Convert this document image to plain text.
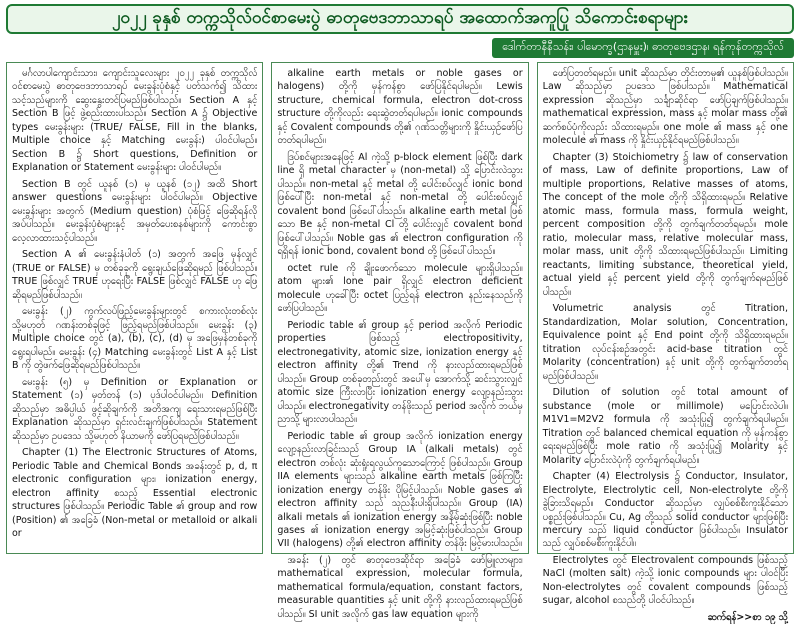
၂၀၂၂ ခုနှစ် တက္ကသိုလ်ဝင်စာမေးပွဲ ဓာတုဗေဒဘာသာရပ် အထောက်အကူပြု သိကောင်းစရာများ
ဒေါက်တာနီနီသန်း၊ ပါမောက္ခ(ဌာနမှူး)၊ ဓာတုဗေဒဌာန၊ ရန်ကုန်တက္ကသိုလ်

မင်္ဂလာပါကျောင်းသား၊ ကျောင်းသူလေးများ ၂၀၂၂ ခုနှစ် တက္ကသိုလ်ဝင်စာမေးပွဲ ဓာတုဗေဒဘာသာရပ် မေးခွန်းပုံစံနှင့် ပတ်သက်၍ သိထားသင့်သည်များကို ဆွေးနွေးတင်ပြမည်ဖြစ်ပါသည်။ Section A နှင့် Section B ဖြင့် ဖွဲ့စည်းထားပါသည်။ Section A ၌ Objective types မေးခွန်းများ (TRUE/ FALSE, Fill in the blanks, Multiple choice နှင့် Matching မေးခွန်း) ပါဝင်ပါမည်။ Section B ၌ Short questions, Definition or Explanation or Statement မေးခွန်းများ ပါဝင်ပါမည်။

Section B တွင် ယူနစ် (၁) မှ ယူနစ် (၁၂) အထိ Short answer questions မေးခွန်းများ ပါဝင်ပါမည်။ Objective မေးခွန်းများ အတွက် (Medium question) ပုံစံဖြင့် ဖြေဆိုရန်လိုအပ်ပါသည်။ မေးခွန်းပုံစံများနှင့် အမှတ်ပေးစနစ်များကို ကောင်းစွာ လေ့လာထားသင့်ပါသည်။

Section A ၏ မေးခွန်းနံပါတ် (၁) အတွက် အဖြေ မှန်လျှင် (TRUE or FALSE) မှ တစ်ခုခုကို ရွေးချယ်ဖြေဆိုရမည် ဖြစ်ပါသည်။ TRUE ဖြစ်လျှင် TRUE ဟုရေးပြီး FALSE ဖြစ်လျှင် FALSE ဟု ဖြေဆိုရမည်ဖြစ်ပါသည်။

မေးခွန်း (၂) ကွက်လပ်ဖြည့်မေးခွန်းများတွင် စကားလုံးတစ်လုံး သို့မဟုတ် ဂဏန်းတစ်ခုဖြင့် ဖြည့်ရမည်ဖြစ်ပါသည်။ မေးခွန်း (၃) Multiple choice တွင် (a), (b), (c), (d) မှ အဖြေမှန်တစ်ခုကို ရွေးရပါမည်။ မေးခွန်း (၄) Matching မေးခွန်းတွင် List A နှင့် List B ကို တွဲဖက်ဖြေဆိုရမည်ဖြစ်ပါသည်။

မေးခွန်း (၅) မှ Definition or Explanation or Statement (၁) မှတ်တန် (၁) ပုဒ်ပါဝင်ပါမည်။ Definition ဆိုသည်မှာ အဓိပ္ပါယ် ဖွင့်ဆိုချက်ကို အတိအကျ ရေးသားရမည်ဖြစ်ပြီး Explanation ဆိုသည်မှာ ရှင်းလင်းချက်ဖြစ်ပါသည်။ Statement ဆိုသည်မှာ ဥပဒေသ သို့မဟုတ် နိယာမကို ဖော်ပြရမည်ဖြစ်ပါသည်။

Chapter (1) The Electronic Structures of Atoms, Periodic Table and Chemical Bonds အခန်းတွင် p, d, π electronic configuration များ၊ ionization energy, electron affinity စသည့် Essential electronic structures ဖြစ်ပါသည်။ Periodic Table ၏ group and row (Position) ၏ အခြေခံ (Non-metal or metalloid or alkali or

alkaline earth metals or noble gases or halogens) တို့ကို မှန်ကန်စွာ ဖော်ပြနိုင်ရပါမည်။ Lewis structure, chemical formula, electron dot-cross structure တို့ကိုလည်း ရေးဆွဲတတ်ရပါမည်။ ionic compounds နှင့် Covalent compounds တို့၏ ဂုဏ်သတ္တိများကို နှိုင်းယှဉ်ဖော်ပြ တတ်ရပါမည်။

ဒြပ်စင်များအနေဖြင့် Al ကဲ့သို့ p-block element ဖြစ်ပြီး dark line ရှိ metal character မှ (non-metal) သို့ ပြောင်းလဲသွားပါသည်။ non-metal နှင့် metal တို့ ပေါင်းစပ်လျှင် ionic bond ဖြစ်ပေါ်ပြီး non-metal နှင့် non-metal တို့ ပေါင်းစပ်လျှင် covalent bond ဖြစ်ပေါ်ပါသည်။ alkaline earth metal ဖြစ်သော Be နှင့် non-metal Cl တို့ ပေါင်းလျှင် covalent bond ဖြစ်ပေါ်ပါသည်။ Noble gas ၏ electron configuration ကို ရရှိရန် ionic bond, covalent bond တို့ ဖြစ်ပေါ်ပါသည်။

octet rule ကို ချိုးဖောက်သော molecule များရှိပါသည်။ atom များ၏ lone pair ရှိလျှင် electron deficient molecule ဟုခေါ်ပြီး octet ပြည့်ရန် electron နည်းနေသည်ကို ဖော်ပြပါသည်။

Periodic table ၏ group နှင့် period အလိုက် Periodic properties ဖြစ်သည့် electropositivity, electronegativity, atomic size, ionization energy နှင့် electron affinity တို့၏ Trend ကို နားလည်ထားရမည်ဖြစ်ပါသည်။ Group တစ်ခုတည်းတွင် အပေါ်မှ အောက်သို့ ဆင်းသွားလျှင် atomic size ကြီးလာပြီး ionization energy လျော့နည်းသွားပါသည်။ electronegativity တန်ဖိုးသည် period အလိုက် ဘယ်မှညာသို့ များလာပါသည်။

Periodic table ၏ group အလိုက် ionization energy လျော့နည်းလာခြင်းသည် Group IA (alkali metals) တွင် electron တစ်လုံး ဆုံးရှုံးရလွယ်ကူသောကြောင့် ဖြစ်ပါသည်။ Group IIA elements များသည် alkaline earth metals ဖြစ်ကြပြီး ionization energy တန်ဖိုး ပိုမြင့်ပါသည်။ Noble gases ၏ electron affinity သည် သုညနီးပါးရှိပါသည်။ Group (IA) alkali metals ၏ ionization energy အနိမ့်ဆုံးဖြစ်ပြီး noble gases ၏ ionization energy အမြင့်ဆုံးဖြစ်ပါသည်။ Group VII (halogens) တို့၏ electron affinity တန်ဖိုး မြင့်မားပါသည်။

အခန်း (၂) တွင် ဓာတုဗေဒဆိုင်ရာ အခြေခံ ဖော်မြူလာများ၊ mathematical expression, molecular formula, mathematical formula/equation, constant factors, measurable quantities နှင့် unit တို့ကို နားလည်ထားရမည်ဖြစ်ပါသည်။ SI unit အလိုက် gas law equation များကို

ဖော်ပြတတ်ရမည်။ unit ဆိုသည်မှာ တိုင်းတာမှု၏ ယူနစ်ဖြစ်ပါသည်။ Law ဆိုသည်မှာ ဥပဒေသ ဖြစ်ပါသည်။ Mathematical expression ဆိုသည်မှာ သင်္ချာဆိုင်ရာ ဖော်ပြချက်ဖြစ်ပါသည်။ mathematical expression, mass နှင့် molar mass တို့၏ ဆက်စပ်ပုံကိုလည်း သိထားရမည်။ one mole ၏ mass နှင့် one molecule ၏ mass ကို နှိုင်းယှဉ်နိုင်ရမည်ဖြစ်ပါသည်။

Chapter (3) Stoichiometry ၌ law of conservation of mass, Law of definite proportions, Law of multiple proportions, Relative masses of atoms, The concept of the mole တို့ကို သိရှိထားရမည်။ Relative atomic mass, formula mass, formula weight, percent composition တို့ကို တွက်ချက်တတ်ရမည်။ mole ratio, molecular mass, relative molecular mass, molar mass, unit တို့ကို သိထားရမည်ဖြစ်ပါသည်။ Limiting reactants, limiting substance, theoretical yield, actual yield နှင့် percent yield တို့ကို တွက်ချက်ရမည်ဖြစ်ပါသည်။

Volumetric analysis တွင် Titration, Standardization, Molar solution, Concentration, Equivalence point နှင့် End point တို့ကို သိရှိထားရမည်။ titration လုပ်ငန်းစဉ်အတွင်း acid-base titration တွင် Molarity (concentration) နှင့် unit တို့ကို တွက်ချက်တတ်ရမည်ဖြစ်ပါသည်။

Dilution of solution တွင် total amount of substance (mole or millimole) မပြောင်းလဲပါ။ M1V1=M2V2 formula ကို အသုံးပြု၍ တွက်ချက်ရပါမည်။ Titration တွင် balanced chemical equation ကို မှန်ကန်စွာရေးရမည်ဖြစ်ပြီး mole ratio ကို အသုံးပြု၍ Molarity နှင့် Molarity ပြောင်းလဲပုံကို တွက်ချက်ရပါမည်။

Chapter (4) Electrolysis ၌ Conductor, Insulator, Electrolyte, Electrolytic cell, Non-electrolyte တို့ကို ခွဲခြားသိရမည်။ Conductor ဆိုသည်မှာ လျှပ်စစ်စီးကူးနိုင်သော ပစ္စည်းဖြစ်ပါသည်။ Cu, Ag တို့သည် solid conductor များဖြစ်ပြီး mercury သည် liquid conductor ဖြစ်ပါသည်။ Insulator သည် လျှပ်စစ်မစီးကူးနိုင်ပါ။

Electrolytes တွင် Electrovalent compounds ဖြစ်သည့် NaCl (molten salt) ကဲ့သို့ ionic compounds များ ပါဝင်ပြီး Non-electrolytes တွင် covalent compounds ဖြစ်သည့် sugar, alcohol စသည်တို့ ပါဝင်ပါသည်။

ဆက်ရန်>>စာ ၁၉ သို့
